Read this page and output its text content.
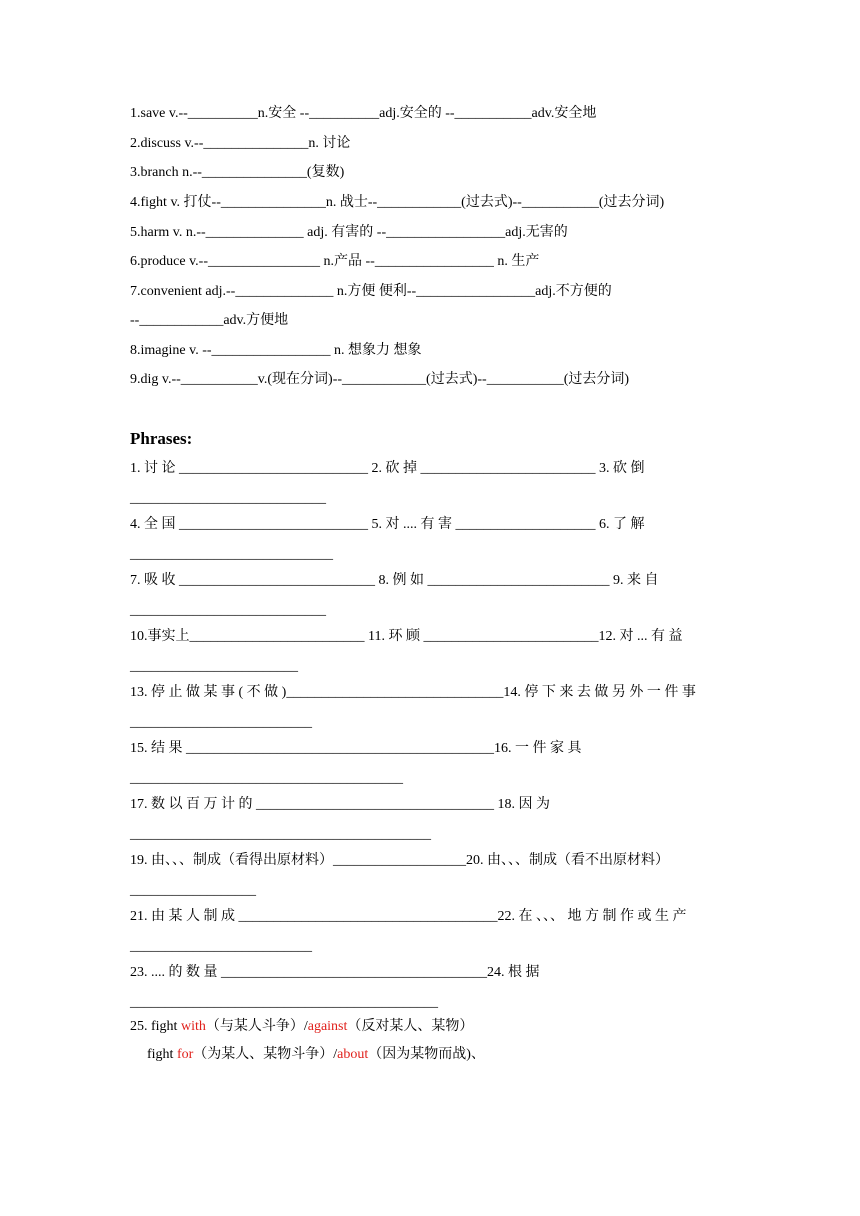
1.save v.--__________n.安全 --__________adj.安全的 --___________adv.安全地
2.discuss v.--_______________n. 讨论
3.branch n.--_______________(复数)
4.fight v. 打仗--_______________n. 战士--____________(过去式)--___________(过去分词)
5.harm v. n.--______________ adj. 有害的 --_________________adj.无害的
6.produce v.--________________ n.产品 --_________________ n. 生产
7.convenient adj.--______________ n.方便 便利--_________________adj.不方便的
--____________adv.方便地
8.imagine v. --_________________ n. 想象力 想象
9.dig v.--___________v.(现在分词)--____________(过去式)--___________(过去分词)
Phrases:
1. 讨 论 ___________________________ 2. 砍 掉 _________________________ 3. 砍 倒
____________________________
4. 全 国 ___________________________ 5. 对 .... 有 害 ____________________ 6. 了 解
_____________________________
7. 吸 收 ____________________________ 8. 例 如 __________________________ 9. 来 自
____________________________
10.事实上_________________________ 11. 环 顾 _________________________12. 对 ... 有 益
________________________
13. 停 止 做 某 事 ( 不 做 )_______________________________14. 停 下 来 去 做 另 外 一 件 事
__________________________
15. 结 果 ____________________________________________16. 一 件 家 具
_______________________________________
17. 数 以 百 万 计 的 __________________________________ 18. 因 为
___________________________________________
19. 由、、、制成（看得出原材料）___________________20. 由、、、制成（看不出原材料）
__________________
21. 由 某 人 制 成 _____________________________________22. 在 、、、 地 方 制 作 或 生 产
__________________________
23. .... 的 数 量 ______________________________________24. 根 据
____________________________________________
25. fight with（与某人斗争）/against（反对某人、某物）
fight for（为某人、某物斗争）/about（因为某物而战)、
